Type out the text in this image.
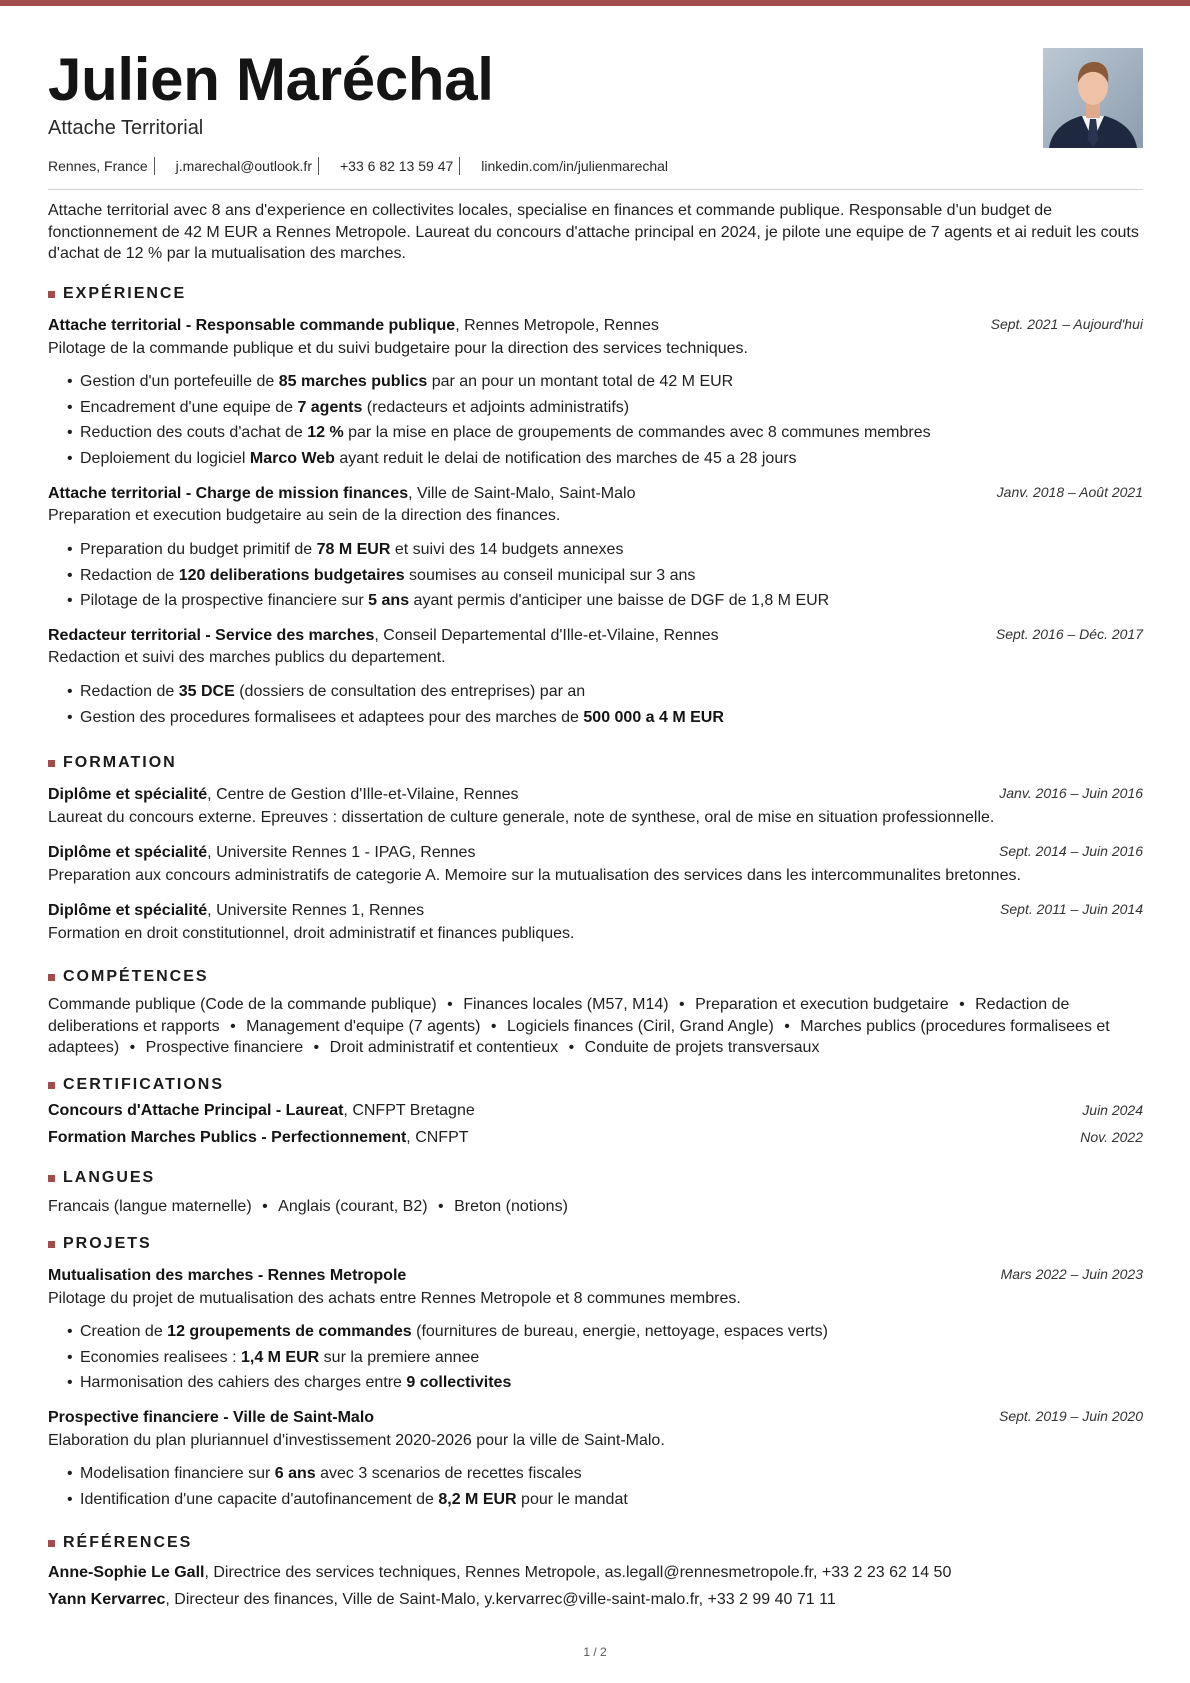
Julien Maréchal
Attache Territorial
Rennes, France	j.marechal@outlook.fr	+33 6 82 13 59 47	linkedin.com/in/julienmarechal

Attache territorial avec 8 ans d'experience en collectivites locales, specialise en finances et commande publique. Responsable d'un budget de fonctionnement de 42 M EUR a Rennes Metropole. Laureat du concours d'attache principal en 2024, je pilote une equipe de 7 agents et ai reduit les couts d'achat de 12 % par la mutualisation des marches.

EXPÉRIENCE
Attache territorial - Responsable commande publique , Rennes Metropole, Rennes	Sept. 2021 – Aujourd'hui
Pilotage de la commande publique et du suivi budgetaire pour la direction des services techniques.
• Gestion d'un portefeuille de 85 marches publics par an pour un montant total de 42 M EUR
• Encadrement d'une equipe de 7 agents (redacteurs et adjoints administratifs)
• Reduction des couts d'achat de 12 % par la mise en place de groupements de commandes avec 8 communes membres
• Deploiement du logiciel Marco Web ayant reduit le delai de notification des marches de 45 a 28 jours
Attache territorial - Charge de mission finances , Ville de Saint-Malo, Saint-Malo	Janv. 2018 – Août 2021
Preparation et execution budgetaire au sein de la direction des finances.
• Preparation du budget primitif de 78 M EUR et suivi des 14 budgets annexes
• Redaction de 120 deliberations budgetaires soumises au conseil municipal sur 3 ans
• Pilotage de la prospective financiere sur 5 ans ayant permis d'anticiper une baisse de DGF de 1,8 M EUR
Redacteur territorial - Service des marches , Conseil Departemental d'Ille-et-Vilaine, Rennes	Sept. 2016 – Déc. 2017
Redaction et suivi des marches publics du departement.
• Redaction de 35 DCE (dossiers de consultation des entreprises) par an
• Gestion des procedures formalisees et adaptees pour des marches de 500 000 a 4 M EUR
FORMATION
Diplôme et spécialité , Centre de Gestion d'Ille-et-Vilaine, Rennes	Janv. 2016 – Juin 2016
Laureat du concours externe. Epreuves : dissertation de culture generale, note de synthese, oral de mise en situation professionnelle.
Diplôme et spécialité , Universite Rennes 1 - IPAG, Rennes	Sept. 2014 – Juin 2016
Preparation aux concours administratifs de categorie A. Memoire sur la mutualisation des services dans les intercommunalites bretonnes.
Diplôme et spécialité , Universite Rennes 1, Rennes	Sept. 2011 – Juin 2014
Formation en droit constitutionnel, droit administratif et finances publiques.
COMPÉTENCES

Commande publique (Code de la commande publique) • Finances locales (M57, M14) • Preparation et execution budgetaire • Redaction de deliberations et rapports • Management d'equipe (7 agents) • Logiciels finances (Ciril, Grand Angle) • Marches publics (procedures formalisees et adaptees) • Prospective financiere • Droit administratif et contentieux • Conduite de projets transversaux

CERTIFICATIONS
Concours d'Attache Principal - Laureat , CNFPT Bretagne	Juin 2024
Formation Marches Publics - Perfectionnement , CNFPT	Nov. 2022
LANGUES

Francais (langue maternelle) • Anglais (courant, B2) • Breton (notions)

PROJETS
Mutualisation des marches - Rennes Metropole	Mars 2022 – Juin 2023
Pilotage du projet de mutualisation des achats entre Rennes Metropole et 8 communes membres.
• Creation de 12 groupements de commandes (fournitures de bureau, energie, nettoyage, espaces verts)
• Economies realisees : 1,4 M EUR sur la premiere annee
• Harmonisation des cahiers des charges entre 9 collectivites
Prospective financiere - Ville de Saint-Malo	Sept. 2019 – Juin 2020
Elaboration du plan pluriannuel d'investissement 2020-2026 pour la ville de Saint-Malo.
• Modelisation financiere sur 6 ans avec 3 scenarios de recettes fiscales
• Identification d'une capacite d'autofinancement de 8,2 M EUR pour le mandat
RÉFÉRENCES
Anne-Sophie Le Gall , Directrice des services techniques, Rennes Metropole, as.legall@rennesmetropole.fr, +33 2 23 62 14 50
Yann Kervarrec , Directeur des finances, Ville de Saint-Malo, y.kervarrec@ville-saint-malo.fr, +33 2 99 40 71 11
1 / 2
